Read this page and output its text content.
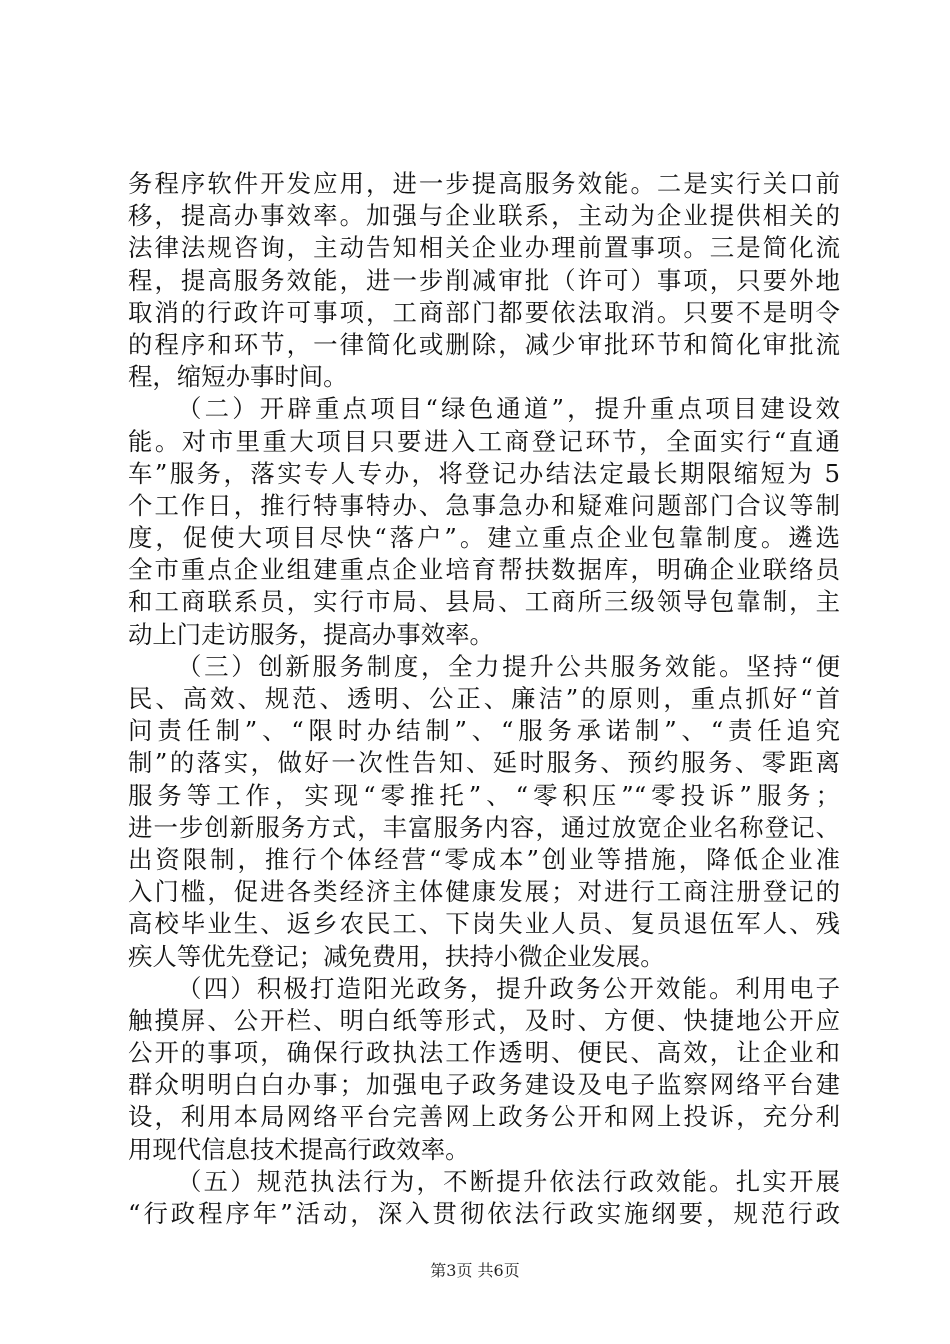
务程序软件开发应用，进一步提高服务效能。二是实行关口前
移，提高办事效率。加强与企业联系，主动为企业提供相关的
法律法规咨询，主动告知相关企业办理前置事项。三是简化流
程，提高服务效能，进一步削减审批（许可）事项，只要外地
取消的行政许可事项，工商部门都要依法取消。只要不是明令
的程序和环节，一律简化或删除，减少审批环节和简化审批流
程，缩短办事时间。
（二）开辟重点项目“绿色通道”，提升重点项目建设效
能。对市里重大项目只要进入工商登记环节，全面实行“直通
车”服务，落实专人专办，将登记办结法定最长期限缩短为 5
个工作日，推行特事特办、急事急办和疑难问题部门合议等制
度，促使大项目尽快“落户”。建立重点企业包靠制度。遴选
全市重点企业组建重点企业培育帮扶数据库，明确企业联络员
和工商联系员，实行市局、县局、工商所三级领导包靠制，主
动上门走访服务，提高办事效率。
（三）创新服务制度，全力提升公共服务效能。坚持“便
民、高效、规范、透明、公正、廉洁”的原则，重点抓好“首
问责任制”、“限时办结制”、“服务承诺制”、“责任追究
制”的落实，做好一次性告知、延时服务、预约服务、零距离
服务等工作，实现“零推托”、“零积压”“零投诉”服务；
进一步创新服务方式，丰富服务内容，通过放宽企业名称登记、
出资限制，推行个体经营“零成本”创业等措施，降低企业准
入门槛，促进各类经济主体健康发展；对进行工商注册登记的
高校毕业生、返乡农民工、下岗失业人员、复员退伍军人、残
疾人等优先登记；减免费用，扶持小微企业发展。
（四）积极打造阳光政务，提升政务公开效能。利用电子
触摸屏、公开栏、明白纸等形式，及时、方便、快捷地公开应
公开的事项，确保行政执法工作透明、便民、高效，让企业和
群众明明白白办事；加强电子政务建设及电子监察网络平台建
设，利用本局网络平台完善网上政务公开和网上投诉，充分利
用现代信息技术提高行政效率。
（五）规范执法行为，不断提升依法行政效能。扎实开展
“行政程序年”活动，深入贯彻依法行政实施纲要，规范行政
第3页 共6页
